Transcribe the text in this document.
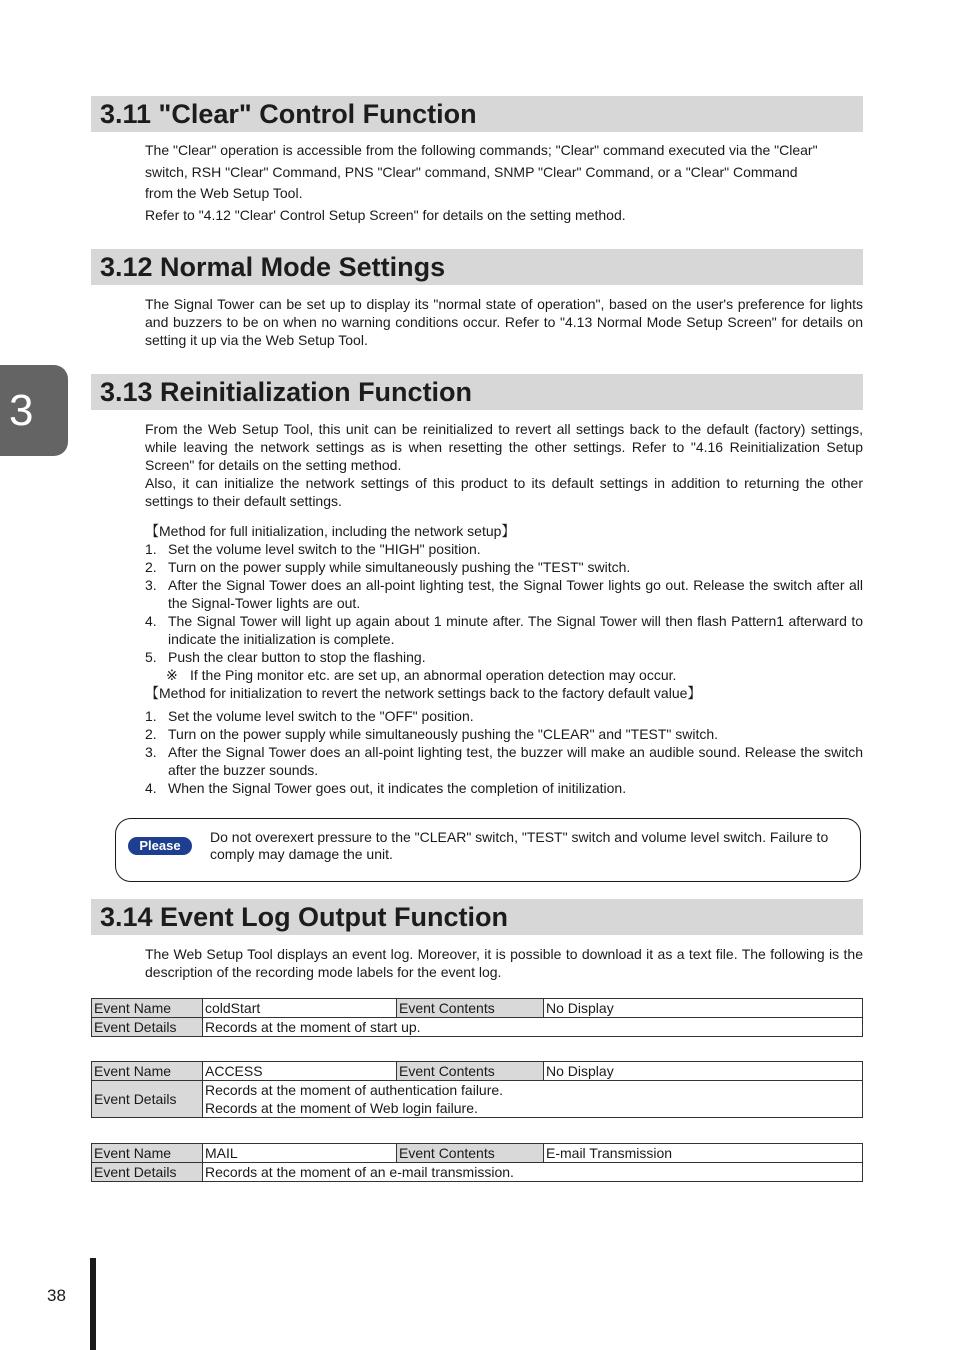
3
3.11 "Clear" Control Function

The "Clear" operation is accessible from the following commands; "Clear" command executed via the "Clear"

switch, RSH "Clear" Command, PNS "Clear" command, SNMP "Clear" Command, or a "Clear" Command

from the Web Setup Tool.

Refer to "4.12 "Clear' Control Setup Screen" for details on the setting method.

3.12 Normal Mode Settings

The Signal Tower can be set up to display its "normal state of operation", based on the user's preference for lights and buzzers to be on when no warning conditions occur. Refer to "4.13 Normal Mode Setup Screen" for details on setting it up via the Web Setup Tool.

3.13 Reinitialization Function

From the Web Setup Tool, this unit can be reinitialized to revert all settings back to the default (factory) settings, while leaving the network settings as is when resetting the other settings. Refer to "4.16 Reinitialization Setup Screen" for details on the setting method.

Also, it can initialize the network settings of this product to its default settings in addition to returning the other settings to their default settings.

【Method for full initialization, including the network setup】

1. Set the volume level switch to the "HIGH" position.
2. Turn on the power supply while simultaneously pushing the "TEST" switch.
3. After the Signal Tower does an all-point lighting test, the Signal Tower lights go out. Release the switch after all the Signal-Tower lights are out.
4. The Signal Tower will light up again about 1 minute after. The Signal Tower will then flash Pattern1 afterward to indicate the initialization is complete.
5. Push the clear button to stop the flashing.

※ If the Ping monitor etc. are set up, an abnormal operation detection may occur.

【Method for initialization to revert the network settings back to the factory default value】

1. Set the volume level switch to the "OFF" position.
2. Turn on the power supply while simultaneously pushing the "CLEAR" and "TEST" switch.
3. After the Signal Tower does an all-point lighting test, the buzzer will make an audible sound. Release the switch after the buzzer sounds.
4. When the Signal Tower goes out, it indicates the completion of initilization.
Please
Do not overexert pressure to the "CLEAR" switch, "TEST" switch and volume level switch. Failure to comply may damage the unit.
3.14 Event Log Output Function

The Web Setup Tool displays an event log. Moreover, it is possible to download it as a text file. The following is the description of the recording mode labels for the event log.

Event Name	coldStart	Event Contents	No Display
Event Details	Records at the moment of start up.		
Event Name	ACCESS	Event Contents	No Display
Event Details	Records at the moment of authentication failure.
Records at the moment of Web login failure.		
Event Name	MAIL	Event Contents	E-mail Transmission
Event Details	Records at the moment of an e-mail transmission.		
38
